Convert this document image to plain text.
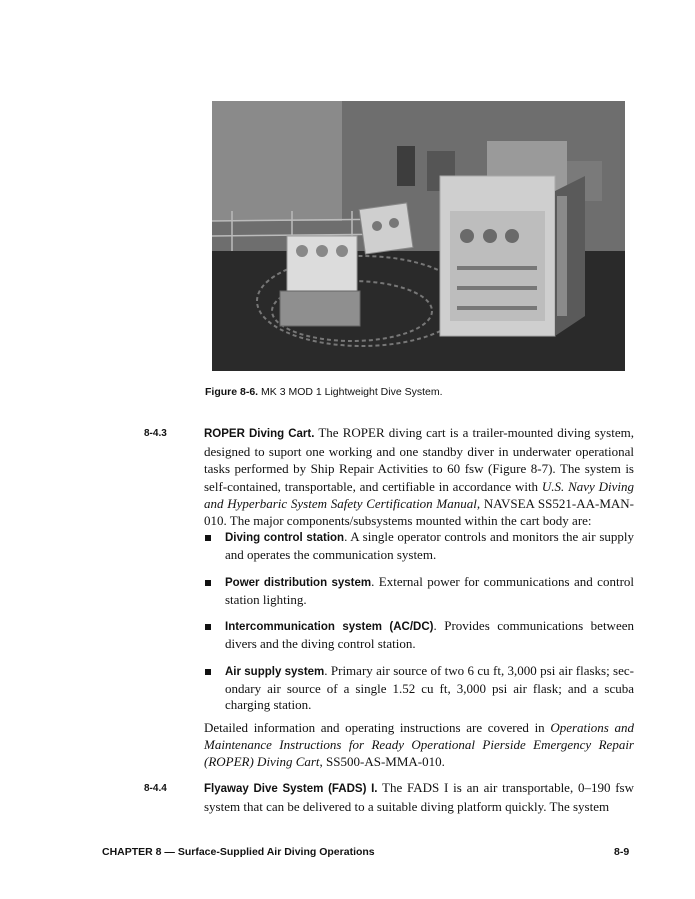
Figure 8-6. MK 3 MOD 1 Lightweight Dive System.
8-4.3	ROPER Diving Cart. The ROPER diving cart is a trailer-mounted diving system, designed to suport one working and one standby diver in underwater operational tasks performed by Ship Repair Activities to 60 fsw (Figure 8-7). The system is self-contained, transportable, and certifiable in accordance with U.S. Navy Diving and Hyperbaric System Safety Certification Manual, NAVSEA SS521-AA-MAN-010. The major components/subsystems mounted within the cart body are:
Diving control station. A single operator controls and monitors the air supply and operates the communication system.
Power distribution system. External power for communications and control station lighting.
Intercommunication system (AC/DC). Provides communications between divers and the diving control station.
Air supply system. Primary air source of two 6 cu ft, 3,000 psi air flasks; sec-ondary air source of a single 1.52 cu ft, 3,000 psi air flask; and a scuba charging station.
Detailed information and operating instructions are covered in Operations and Maintenance Instructions for Ready Operational Pierside Emergency Repair (ROPER) Diving Cart, SS500-AS-MMA-010.
8-4.4	Flyaway Dive System (FADS) I. The FADS I is an air transportable, 0–190 fsw system that can be delivered to a suitable diving platform quickly. The system
CHAPTER 8 — Surface-Supplied Air Diving Operations	8-9
